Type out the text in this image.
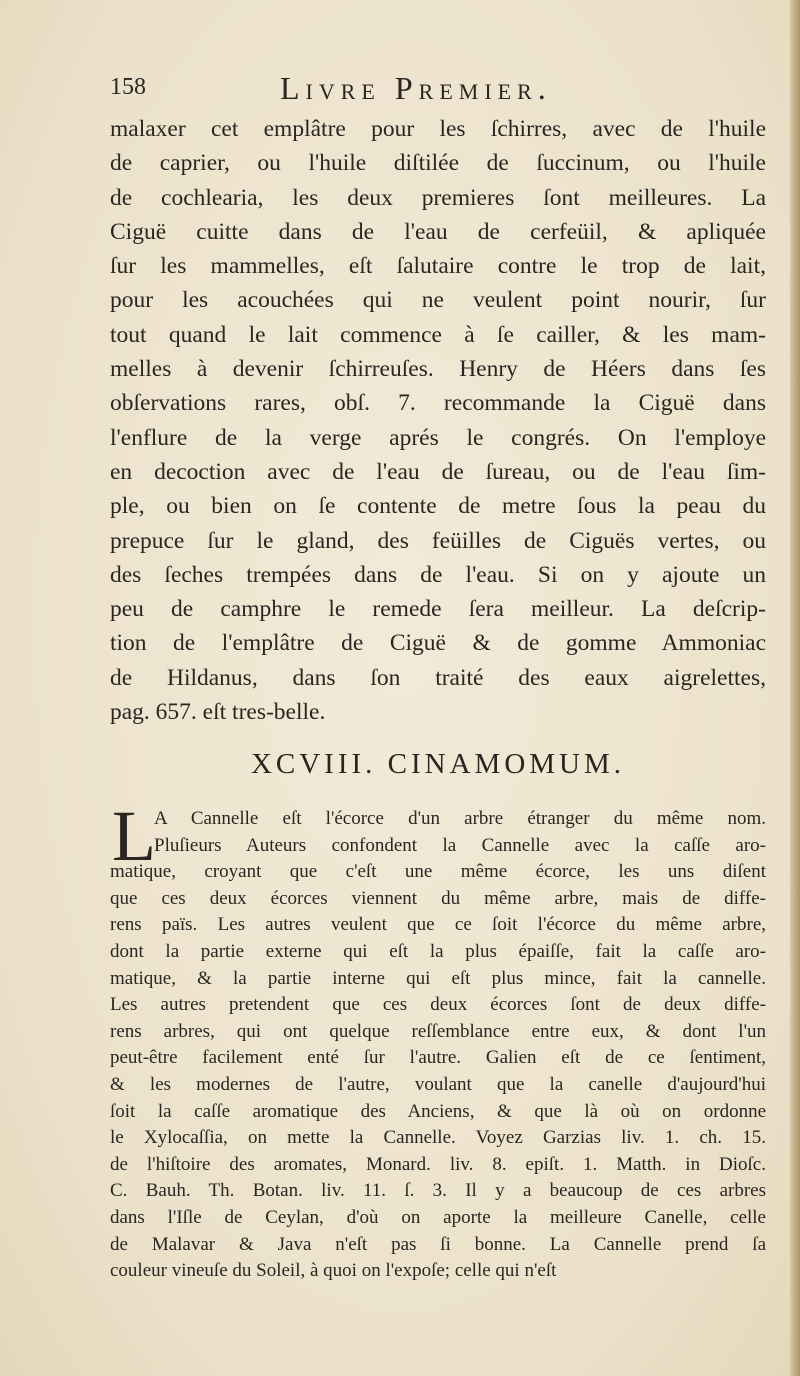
158	Livre Premier.
malaxer cet emplâtre pour les ſchirres, avec de l'huile
de caprier, ou l'huile diſtilée de ſuccinum, ou l'huile
de cochlearia, les deux premieres ſont meilleures. La
Ciguë cuitte dans de l'eau de cerfeüil, & apliquée
ſur les mammelles, eſt ſalutaire contre le trop de lait,
pour les acouchées qui ne veulent point nourir, ſur
tout quand le lait commence à ſe cailler, & les mam-
melles à devenir ſchirreuſes. Henry de Héers dans ſes
obſervations rares, obſ. 7. recommande la Ciguë dans
l'enflure de la verge aprés le congrés. On l'employe
en decoction avec de l'eau de ſureau, ou de l'eau ſim-
ple, ou bien on ſe contente de metre ſous la peau du
prepuce ſur le gland, des feüilles de Ciguës vertes, ou
des ſeches trempées dans de l'eau. Si on y ajoute un
peu de camphre le remede ſera meilleur. La deſcrip-
tion de l'emplâtre de Ciguë & de gomme Ammoniac
de Hildanus, dans ſon traité des eaux aigrelettes,
pag. 657. eſt tres-belle.
XCVIII. CINAMOMUM.
L
A Cannelle eſt l'écorce d'un arbre étranger du même nom.
Pluſieurs Auteurs confondent la Cannelle avec la caſſe aro-
matique, croyant que c'eſt une même écorce, les uns diſent
que ces deux écorces viennent du même arbre, mais de diffe-
rens païs. Les autres veulent que ce ſoit l'écorce du même arbre,
dont la partie externe qui eſt la plus épaiſſe, fait la caſſe aro-
matique, & la partie interne qui eſt plus mince, fait la cannelle.
Les autres pretendent que ces deux écorces ſont de deux diffe-
rens arbres, qui ont quelque reſſemblance entre eux, & dont l'un
peut-être facilement enté ſur l'autre. Galien eſt de ce ſentiment,
& les modernes de l'autre, voulant que la canelle d'aujourd'hui
ſoit la caſſe aromatique des Anciens, & que là où on ordonne
le Xylocaſſia, on mette la Cannelle. Voyez Garzias liv. 1. ch. 15.
de l'hiſtoire des aromates, Monard. liv. 8. epiſt. 1. Matth. in Dioſc.
C. Bauh. Th. Botan. liv. 11. ſ. 3. Il y a beaucoup de ces arbres
dans l'Iſle de Ceylan, d'où on aporte la meilleure Canelle, celle
de Malavar & Java n'eſt pas ſi bonne. La Cannelle prend ſa
couleur vineuſe du Soleil, à quoi on l'expoſe; celle qui n'eſt
